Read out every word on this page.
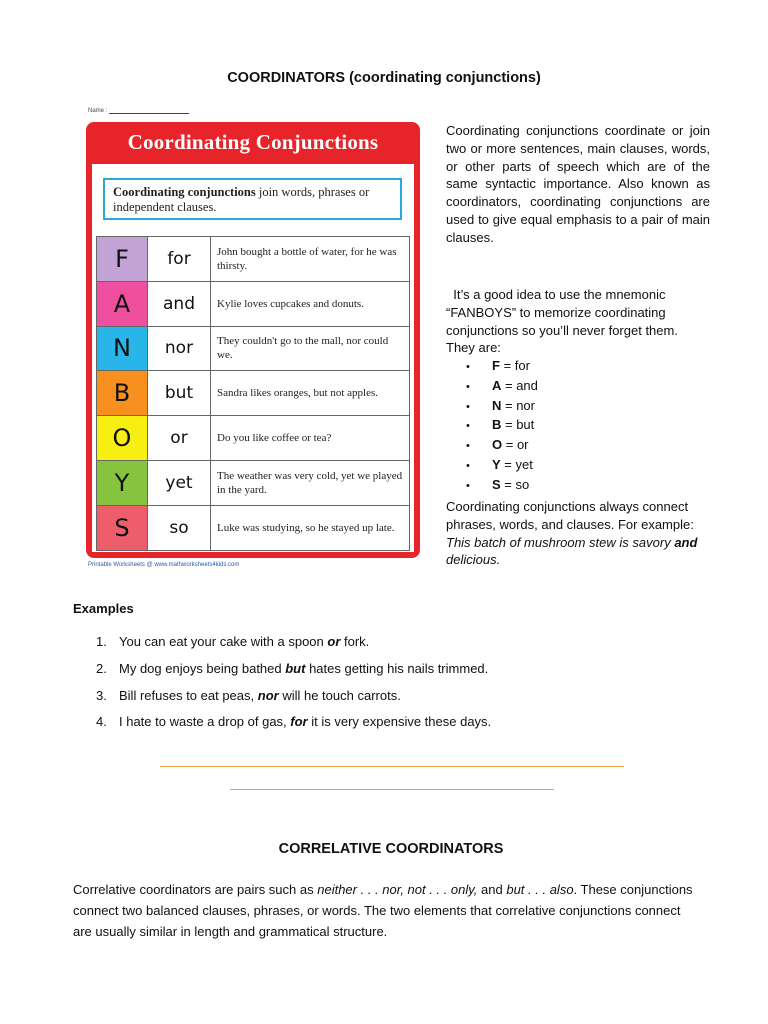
COORDINATORS (coordinating conjunctions)
Name :
Coordinating Conjunctions
Coordinating conjunctions join words, phrases or independent clauses.
F	for	John bought a bottle of water, for he was thirsty.
A	and	Kylie loves cupcakes and donuts.
N	nor	They couldn't go to the mall, nor could we.
B	but	Sandra likes oranges, but not apples.
O	or	Do you like coffee or tea?
Y	yet	The weather was very cold, yet we played in the yard.
S	so	Luke was studying, so he stayed up late.
Printable Worksheets @ www.mathworksheets4kids.com
Coordinating conjunctions coordinate or join two or more sentences, main clauses, words, or other parts of speech which are of the same syntactic importance. Also known as coordinators, coordinating conjunctions are used to give equal emphasis to a pair of main clauses.
It’s a good idea to use the mnemonic “FANBOYS” to memorize coordinating conjunctions so you’ll never forget them. They are:
• F = for
• A = and
• N = nor
• B = but
• O = or
• Y = yet
• S = so
Coordinating conjunctions always connect phrases, words, and clauses. For example: This batch of mushroom stew is savory and delicious.
Examples
1. You can eat your cake with a spoon or fork.
2. My dog enjoys being bathed but hates getting his nails trimmed.
3. Bill refuses to eat peas, nor will he touch carrots.
4. I hate to waste a drop of gas, for it is very expensive these days.
CORRELATIVE COORDINATORS
Correlative coordinators are pairs such as neither . . . nor, not . . . only, and but . . . also. These conjunctions connect two balanced clauses, phrases, or words. The two elements that correlative conjunctions connect are usually similar in length and grammatical structure.
